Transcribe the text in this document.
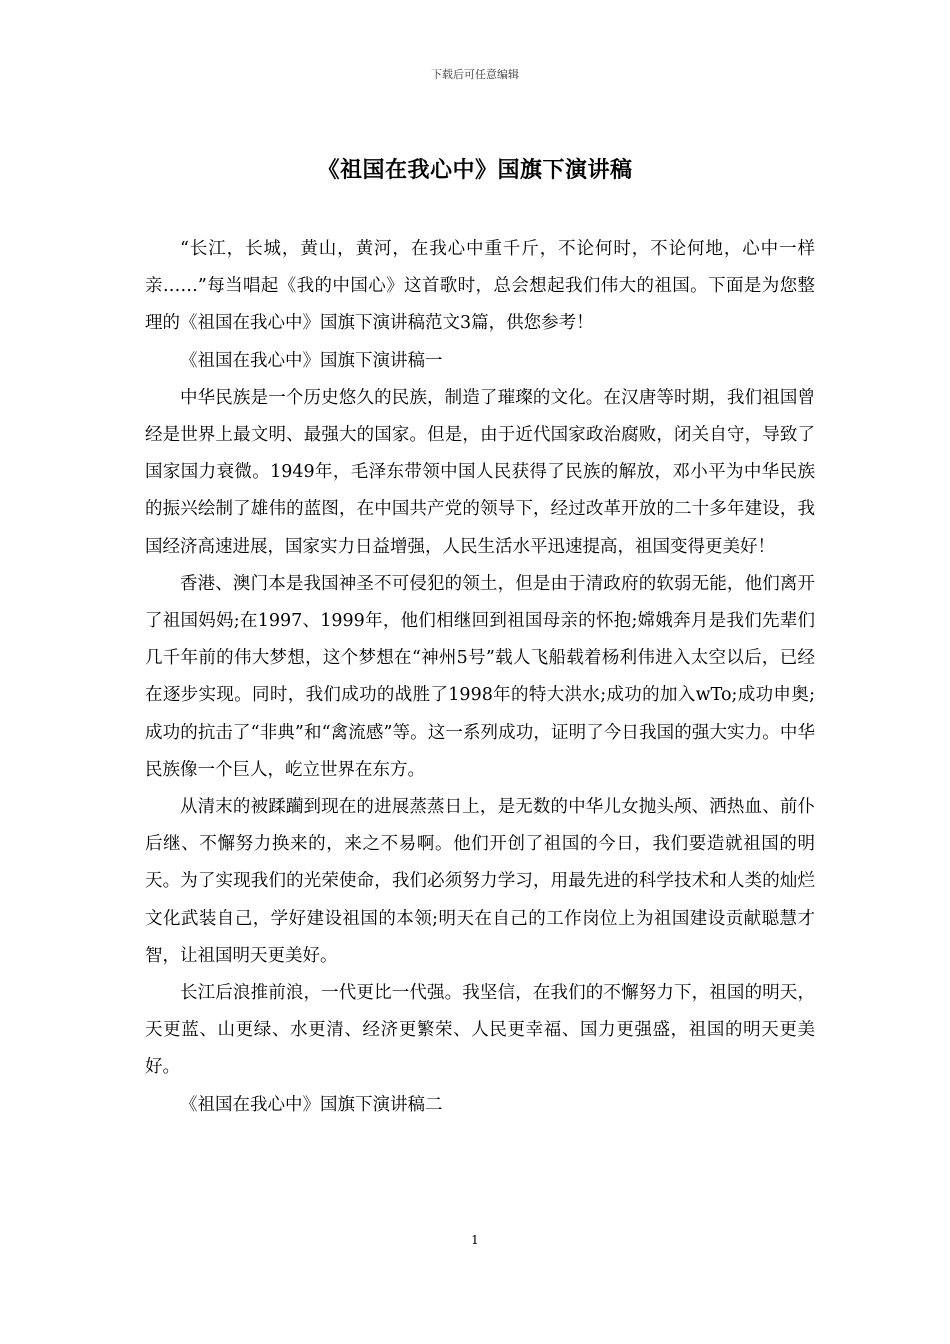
下载后可任意编辑
《祖国在我心中》国旗下演讲稿

“长江，长城，黄山，黄河，在我心中重千斤，不论何时，不论何地，心中一样亲……”每当唱起《我的中国心》这首歌时，总会想起我们伟大的祖国。下面是为您整理的《祖国在我心中》国旗下演讲稿范文3篇，供您参考！

《祖国在我心中》国旗下演讲稿一

中华民族是一个历史悠久的民族，制造了璀璨的文化。在汉唐等时期，我们祖国曾经是世界上最文明、最强大的国家。但是，由于近代国家政治腐败，闭关自守，导致了国家国力衰微。1949年，毛泽东带领中国人民获得了民族的解放，邓小平为中华民族的振兴绘制了雄伟的蓝图，在中国共产党的领导下，经过改革开放的二十多年建设，我国经济高速进展，国家实力日益增强，人民生活水平迅速提高，祖国变得更美好！

香港、澳门本是我国神圣不可侵犯的领土，但是由于清政府的软弱无能，他们离开了祖国妈妈;在1997、1999年，他们相继回到祖国母亲的怀抱;嫦娥奔月是我们先辈们几千年前的伟大梦想，这个梦想在“神州5号”载人飞船载着杨利伟进入太空以后，已经在逐步实现。同时，我们成功的战胜了1998年的特大洪水;成功的加入wTo;成功申奥;成功的抗击了“非典”和“禽流感”等。这一系列成功，证明了今日我国的强大实力。中华民族像一个巨人，屹立世界在东方。

从清末的被蹂躏到现在的进展蒸蒸日上，是无数的中华儿女抛头颅、洒热血、前仆后继、不懈努力换来的，来之不易啊。他们开创了祖国的今日，我们要造就祖国的明天。为了实现我们的光荣使命，我们必须努力学习，用最先进的科学技术和人类的灿烂文化武装自己，学好建设祖国的本领;明天在自己的工作岗位上为祖国建设贡献聪慧才智，让祖国明天更美好。

长江后浪推前浪，一代更比一代强。我坚信，在我们的不懈努力下，祖国的明天，天更蓝、山更绿、水更清、经济更繁荣、人民更幸福、国力更强盛，祖国的明天更美好。

《祖国在我心中》国旗下演讲稿二

1
